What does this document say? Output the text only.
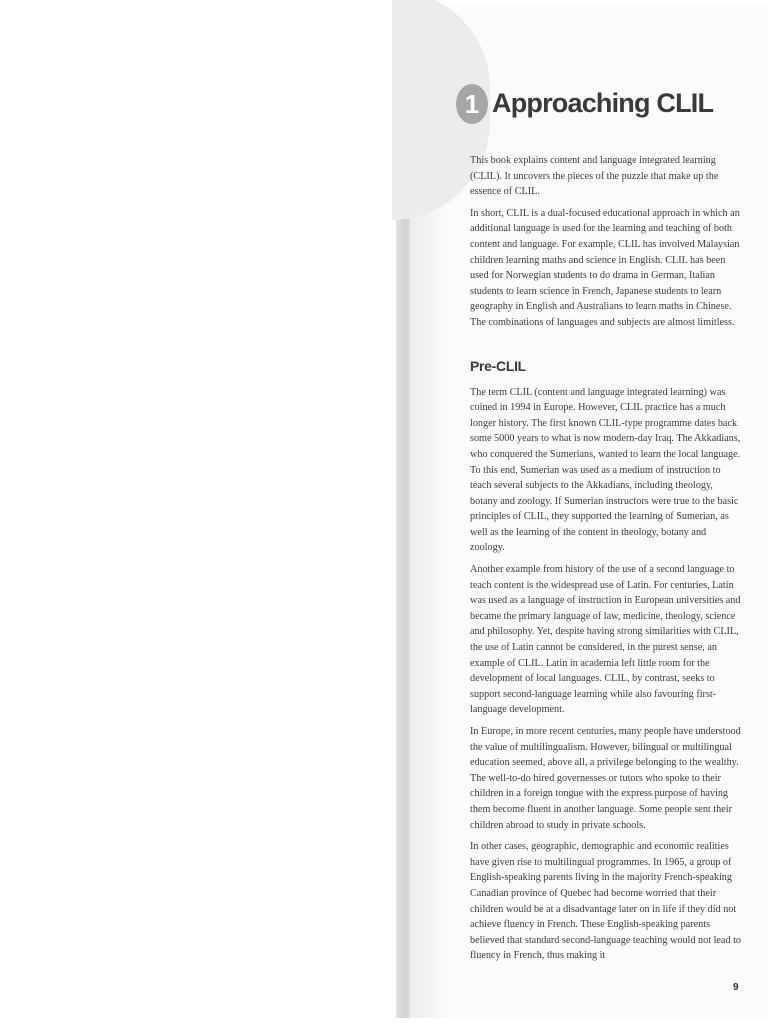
1 Approaching CLIL

This book explains content and language integrated learning (CLIL). It uncovers the pieces of the puzzle that make up the essence of CLIL.

In short, CLIL is a dual-focused educational approach in which an additional language is used for the learning and teaching of both content and language. For example, CLIL has involved Malaysian children learning maths and science in English. CLIL has been used for Norwegian students to do drama in German, Italian students to learn science in French, Japanese students to learn geography in English and Australians to learn maths in Chinese. The combinations of languages and subjects are almost limitless.

Pre-CLIL

The term CLIL (content and language integrated learning) was coined in 1994 in Europe. However, CLIL practice has a much longer history. The first known CLIL-type programme dates back some 5000 years to what is now modern-day Iraq. The Akkadians, who conquered the Sumerians, wanted to learn the local language. To this end, Sumerian was used as a medium of instruction to teach several subjects to the Akkadians, including theology, botany and zoology. If Sumerian instructors were true to the basic principles of CLIL, they supported the learning of Sumerian, as well as the learning of the content in theology, botany and zoology.

Another example from history of the use of a second language to teach content is the widespread use of Latin. For centuries, Latin was used as a language of instruction in European universities and became the primary language of law, medicine, theology, science and philosophy. Yet, despite having strong similarities with CLIL, the use of Latin cannot be considered, in the purest sense, an example of CLIL. Latin in academia left little room for the development of local languages. CLIL, by contrast, seeks to support second-language learning while also favouring first-language development.

In Europe, in more recent centuries, many people have understood the value of multilingualism. However, bilingual or multilingual education seemed, above all, a privilege belonging to the wealthy. The well-to-do hired governesses or tutors who spoke to their children in a foreign tongue with the express purpose of having them become fluent in another language. Some people sent their children abroad to study in private schools.

In other cases, geographic, demographic and economic realities have given rise to multilingual programmes. In 1965, a group of English-speaking parents living in the majority French-speaking Canadian province of Quebec had become worried that their children would be at a disadvantage later on in life if they did not achieve fluency in French. These English-speaking parents believed that standard second-language teaching would not lead to fluency in French, thus making it

9
